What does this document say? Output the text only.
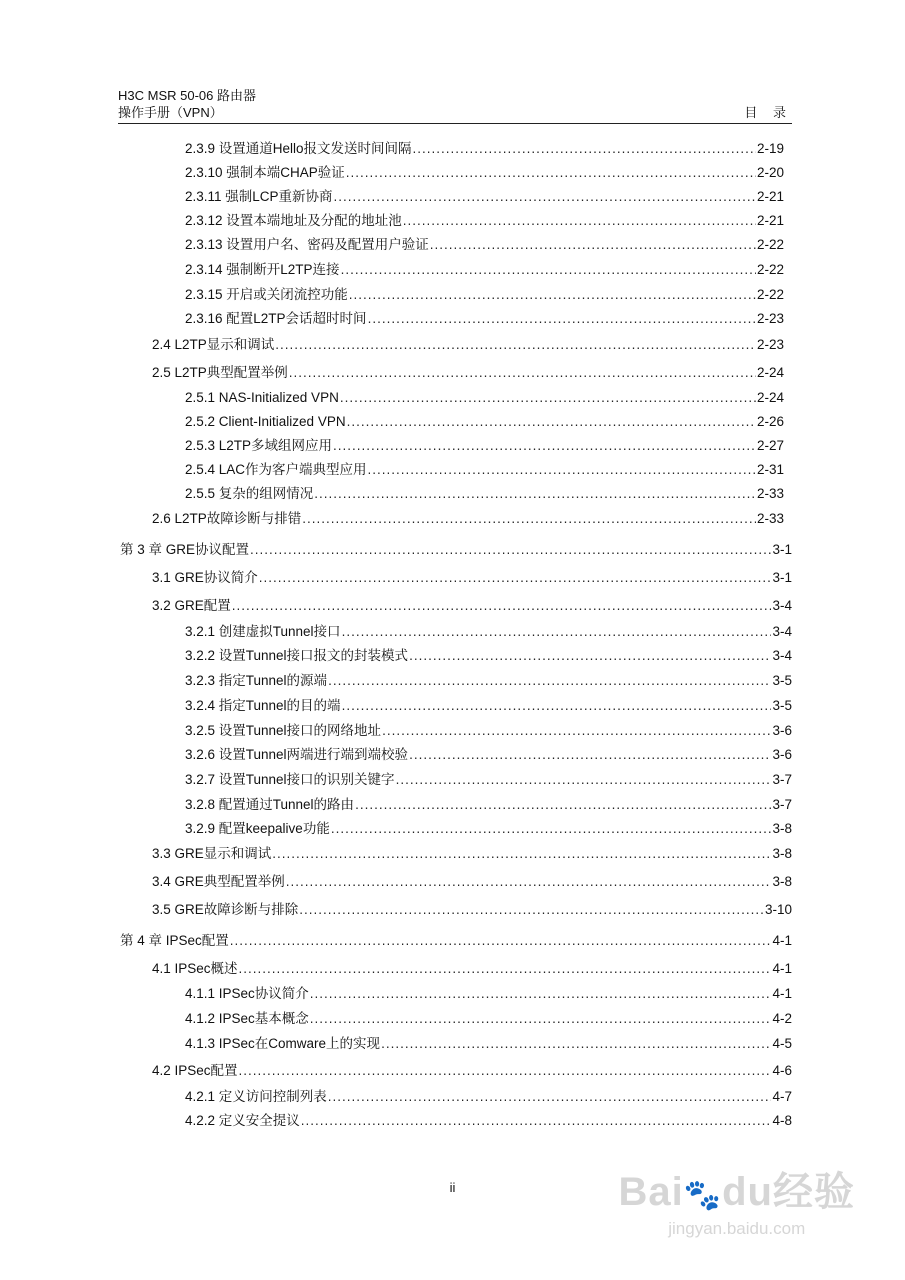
H3C MSR 50-06 路由器
操作手册（VPN）	目 录
2.3.9 设置通道Hello报文发送时间间隔 .....	2-19
2.3.10 强制本端CHAP验证 .....	2-20
2.3.11 强制LCP重新协商 .....	2-21
2.3.12 设置本端地址及分配的地址池 .....	2-21
2.3.13 设置用户名、密码及配置用户验证 .....	2-22
2.3.14 强制断开L2TP连接 .....	2-22
2.3.15 开启或关闭流控功能 .....	2-22
2.3.16 配置L2TP会话超时时间 .....	2-23
2.4 L2TP显示和调试 .....	2-23
2.5 L2TP典型配置举例 .....	2-24
2.5.1 NAS-Initialized VPN .....	2-24
2.5.2 Client-Initialized VPN .....	2-26
2.5.3 L2TP多域组网应用 .....	2-27
2.5.4 LAC作为客户端典型应用 .....	2-31
2.5.5 复杂的组网情况 .....	2-33
2.6 L2TP故障诊断与排错 .....	2-33
第 3 章 GRE协议配置 .....	3-1
3.1 GRE协议简介 .....	3-1
3.2 GRE配置 .....	3-4
3.2.1 创建虚拟Tunnel接口 .....	3-4
3.2.2 设置Tunnel接口报文的封装模式 .....	3-4
3.2.3 指定Tunnel的源端 .....	3-5
3.2.4 指定Tunnel的目的端 .....	3-5
3.2.5 设置Tunnel接口的网络地址 .....	3-6
3.2.6 设置Tunnel两端进行端到端校验 .....	3-6
3.2.7 设置Tunnel接口的识别关键字 .....	3-7
3.2.8 配置通过Tunnel的路由 .....	3-7
3.2.9 配置keepalive功能 .....	3-8
3.3 GRE显示和调试 .....	3-8
3.4 GRE典型配置举例 .....	3-8
3.5 GRE故障诊断与排除 .....	3-10
第 4 章 IPSec配置 .....	4-1
4.1 IPSec概述 .....	4-1
4.1.1 IPSec协议简介 .....	4-1
4.1.2 IPSec基本概念 .....	4-2
4.1.3 IPSec在Comware上的实现 .....	4-5
4.2 IPSec配置 .....	4-6
4.2.1 定义访问控制列表 .....	4-7
4.2.2 定义安全提议 .....	4-8
ii	Bai🐾du经验
jingyan.baidu.com
